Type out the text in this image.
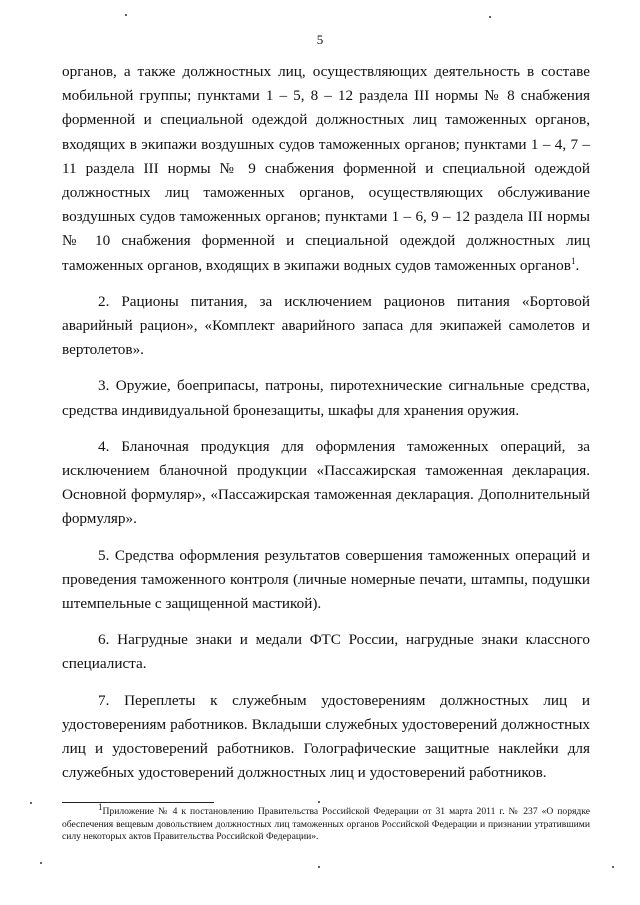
5

органов, а также должностных лиц, осуществляющих деятельность в составе мобильной группы; пунктами 1 – 5, 8 – 12 раздела III нормы № 8 снабжения форменной и специальной одеждой должностных лиц таможенных органов, входящих в экипажи воздушных судов таможенных органов; пунктами 1 – 4, 7 – 11 раздела III нормы № 9 снабжения форменной и специальной одеждой должностных лиц таможенных органов, осуществляющих обслуживание воздушных судов таможенных органов; пунктами 1 – 6, 9 – 12 раздела III нормы № 10 снабжения форменной и специальной одеждой должностных лиц таможенных органов, входящих в экипажи водных судов таможенных органов$^1$.

2. Рационы питания, за исключением рационов питания «Бортовой аварийный рацион», «Комплект аварийного запаса для экипажей самолетов и вертолетов».

3. Оружие, боеприпасы, патроны, пиротехнические сигнальные средства, средства индивидуальной бронезащиты, шкафы для хранения оружия.

4. Бланочная продукция для оформления таможенных операций, за исключением бланочной продукции «Пассажирская таможенная декларация. Основной формуляр», «Пассажирская таможенная декларация. Дополнительный формуляр».

5. Средства оформления результатов совершения таможенных операций и проведения таможенного контроля (личные номерные печати, штампы, подушки штемпельные с защищенной мастикой).

6. Нагрудные знаки и медали ФТС России, нагрудные знаки классного специалиста.

7. Переплеты к служебным удостоверениям должностных лиц и удостоверениям работников. Вкладыши служебных удостоверений должностных лиц и удостоверений работников. Голографические защитные наклейки для служебных удостоверений должностных лиц и удостоверений работников.

$^1$Приложение № 4 к постановлению Правительства Российской Федерации от 31 марта 2011 г. № 237 «О порядке обеспечения вещевым довольствием должностных лиц таможенных органов Российской Федерации и признании утратившими силу некоторых актов Правительства Российской Федерации».
